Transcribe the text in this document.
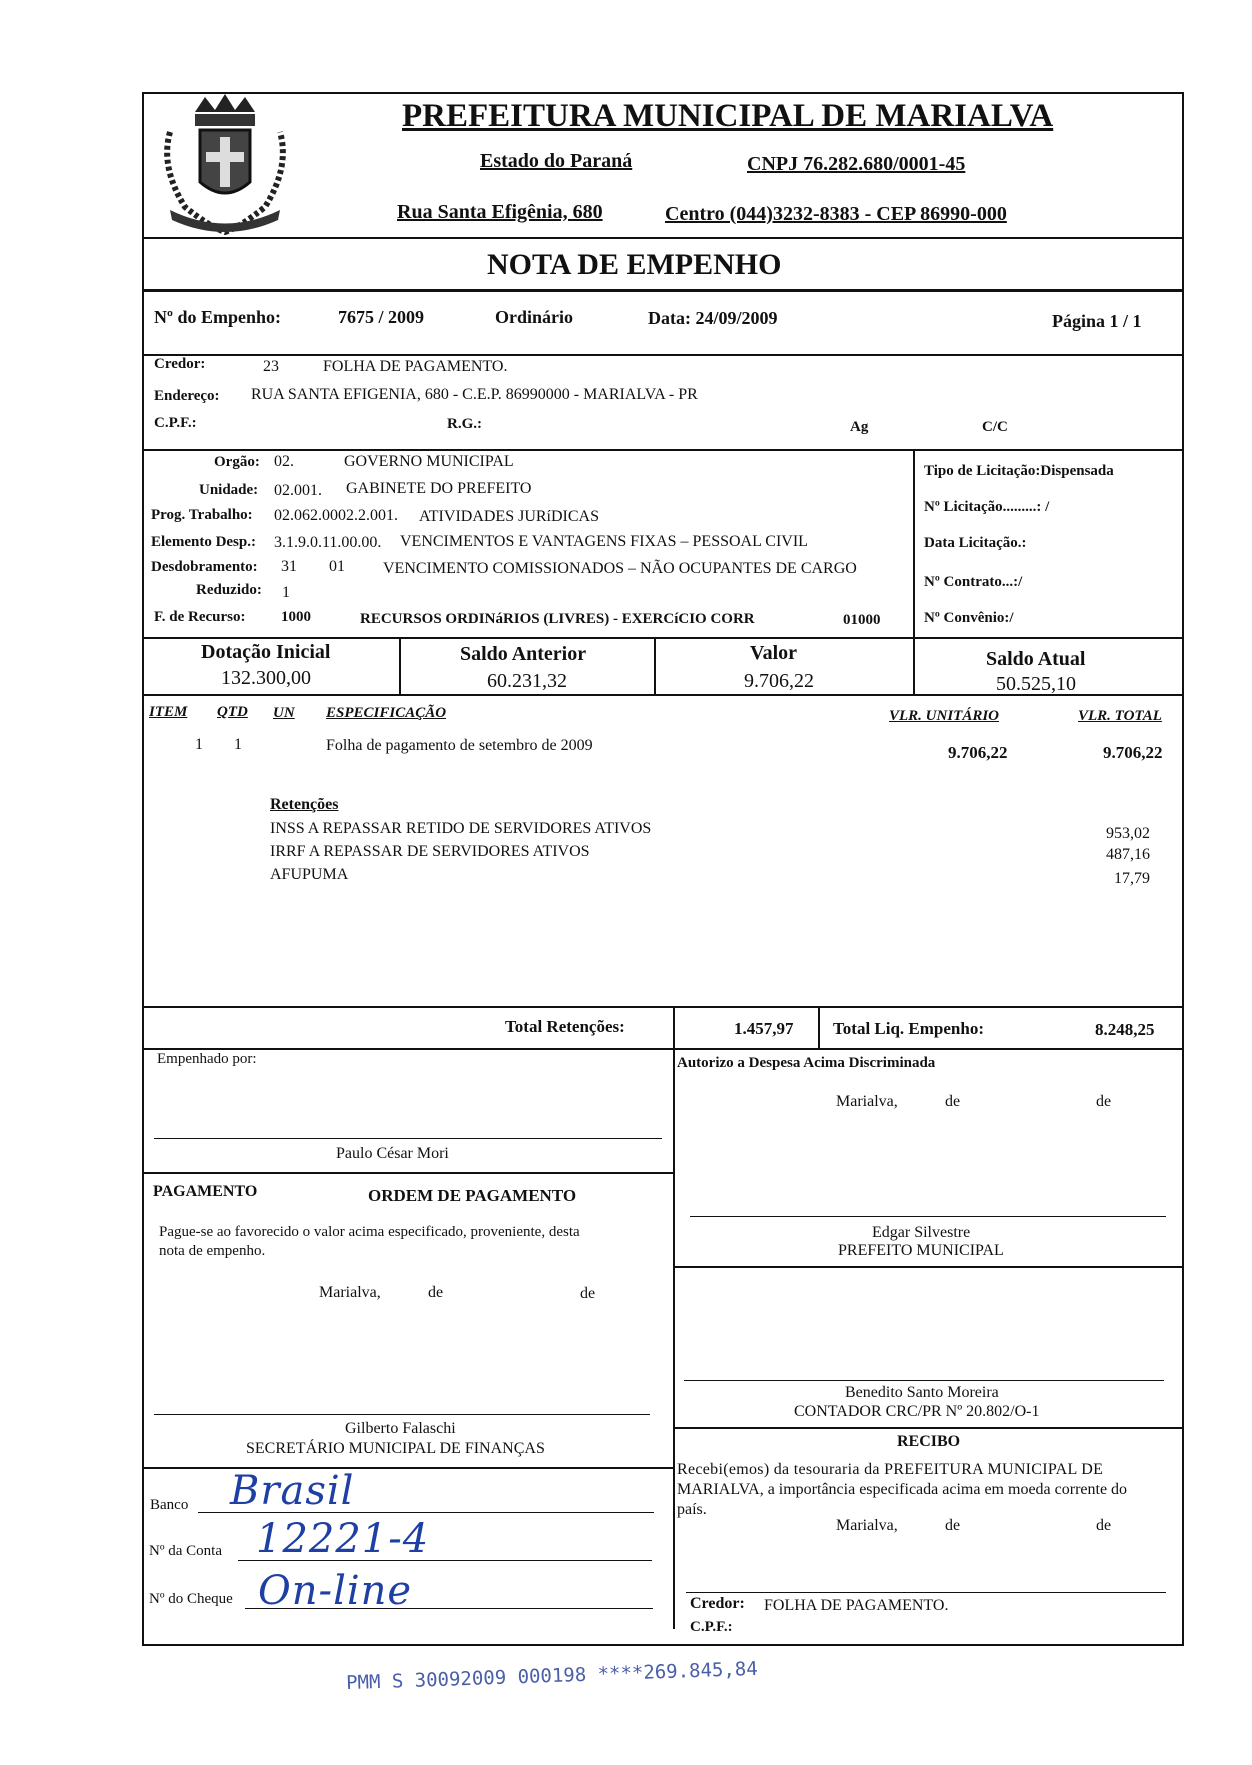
PREFEITURA MUNICIPAL DE MARIALVA
Estado do Paraná	CNPJ 76.282.680/0001-45
Rua Santa Efigênia, 680	Centro (044)3232-8383 - CEP 86990-000
NOTA DE EMPENHO
Nº do Empenho:	7675 / 2009	Ordinário	Data: 24/09/2009	Página 1 / 1
Credor:	23	FOLHA DE PAGAMENTO.
Endereço: RUA SANTA EFIGENIA, 680 - C.E.P. 86990000 - MARIALVA - PR
C.P.F.:	R.G.:	Ag	C/C
Orgão: 02.	GOVERNO MUNICIPAL
Unidade: 02.001. GABINETE DO PREFEITO
Prog. Trabalho: 02.062.0002.2.001. ATIVIDADES JURíDICAS
Elemento Desp.: 3.1.9.0.11.00.00. VENCIMENTOS E VANTAGENS FIXAS – PESSOAL CIVIL
Desdobramento: 31 01 VENCIMENTO COMISSIONADOS – NÃO OCUPANTES DE CARGO
Reduzido: 1
F. de Recurso: 1000	RECURSOS ORDINáRIOS (LIVRES) - EXERCíCIO CORR	01000
Tipo de Licitação:Dispensada
Nº Licitação.........: /
Data Licitação.:
Nº Contrato...:/
Nº Convênio:/
Dotação Inicial
132.300,00
Saldo Anterior
60.231,32
Valor
9.706,22
Saldo Atual
50.525,10
ITEM QTD UN ESPECIFICAÇÃO	VLR. UNITÁRIO	VLR. TOTAL
1 1	Folha de pagamento de setembro de 2009	9.706,22	9.706,22
Retenções
INSS A REPASSAR RETIDO DE SERVIDORES ATIVOS	953,02
IRRF A REPASSAR DE SERVIDORES ATIVOS	487,16
AFUPUMA	17,79
Total Retenções:	1.457,97 Total Liq. Empenho:	8.248,25
Empenhado por:
Paulo César Mori
Autorizo a Despesa Acima Discriminada
Marialva,	de	de
Edgar Silvestre
PREFEITO MUNICIPAL
PAGAMENTO	ORDEM DE PAGAMENTO
Pague-se ao favorecido o valor acima especificado, proveniente, desta
nota de empenho.
Marialva,	de	de
Gilberto Falaschi
SECRETÁRIO MUNICIPAL DE FINANÇAS
Benedito Santo Moreira
CONTADOR CRC/PR Nº 20.802/O-1
RECIBO
Recebi(emos) da tesouraria da PREFEITURA MUNICIPAL DE
MARIALVA, a importância especificada acima em moeda corrente do
país.
Marialva,	de	de
Credor: FOLHA DE PAGAMENTO.
C.P.F.:
Banco Brasil
Nº da Conta 12221-4
Nº do Cheque On-line
PMM S 30092009 000198 ****269.845,84
